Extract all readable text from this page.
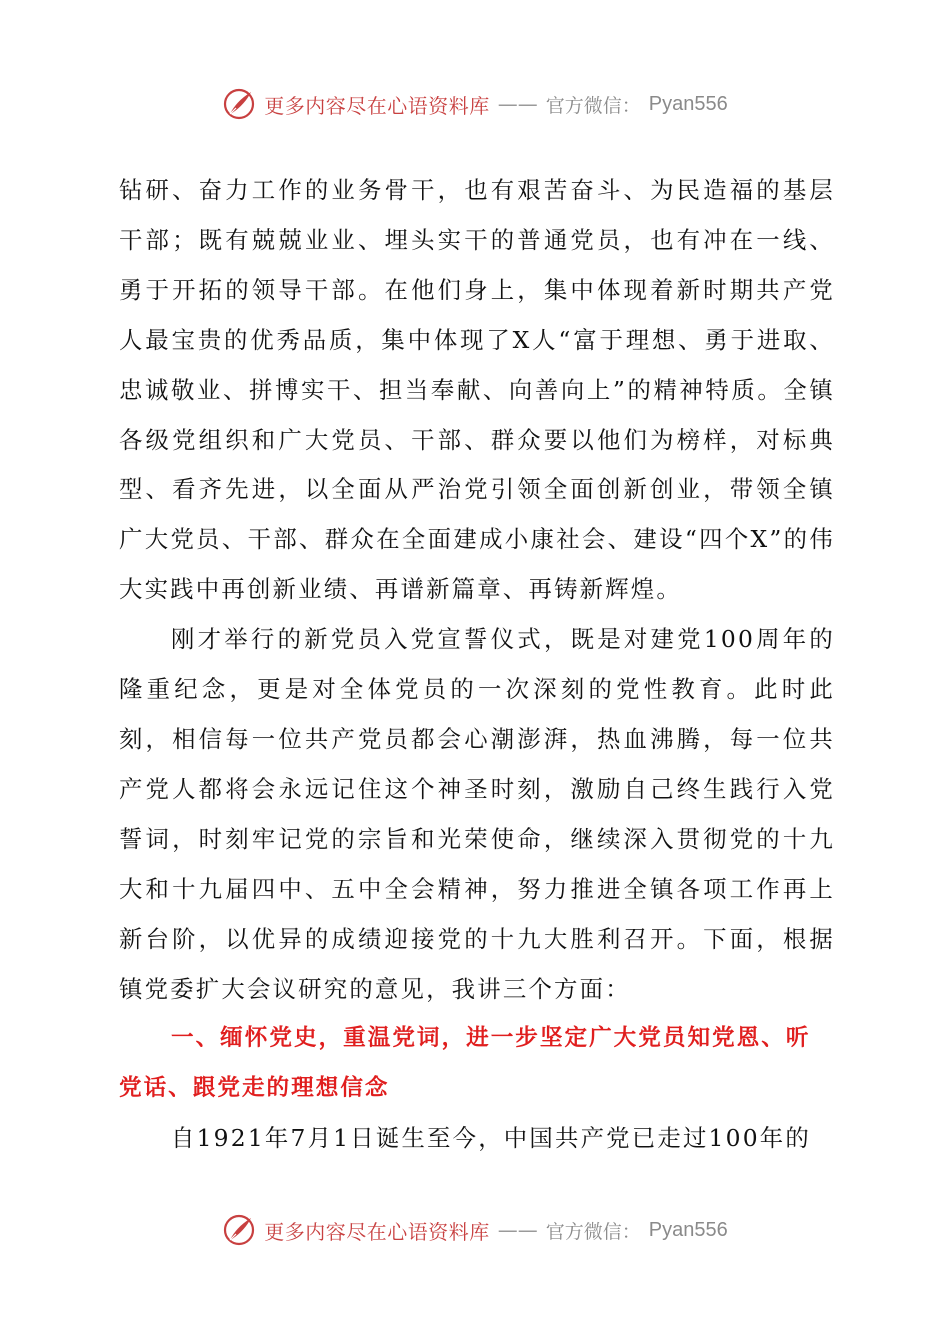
更多内容尽在心语资料库 —— 官方微信： Pyan556

钻研、奋力工作的业务骨干，也有艰苦奋斗、为民造福的基层干部；既有兢兢业业、埋头实干的普通党员，也有冲在一线、勇于开拓的领导干部。在他们身上，集中体现着新时期共产党人最宝贵的优秀品质，集中体现了X人“富于理想、勇于进取、忠诚敬业、拼博实干、担当奉献、向善向上”的精神特质。全镇各级党组织和广大党员、干部、群众要以他们为榜样，对标典型、看齐先进，以全面从严治党引领全面创新创业，带领全镇广大党员、干部、群众在全面建成小康社会、建设“四个X”的伟大实践中再创新业绩、再谱新篇章、再铸新辉煌。

刚才举行的新党员入党宣誓仪式，既是对建党100周年的隆重纪念，更是对全体党员的一次深刻的党性教育。此时此刻，相信每一位共产党员都会心潮澎湃，热血沸腾，每一位共产党人都将会永远记住这个神圣时刻，激励自己终生践行入党誓词，时刻牢记党的宗旨和光荣使命，继续深入贯彻党的十九大和十九届四中、五中全会精神，努力推进全镇各项工作再上新台阶，以优异的成绩迎接党的十九大胜利召开。下面，根据镇党委扩大会议研究的意见，我讲三个方面：

一、缅怀党史，重温党词，进一步坚定广大党员知党恩、听党话、跟党走的理想信念

自1921年7月1日诞生至今，中国共产党已走过100年的

更多内容尽在心语资料库 —— 官方微信： Pyan556
